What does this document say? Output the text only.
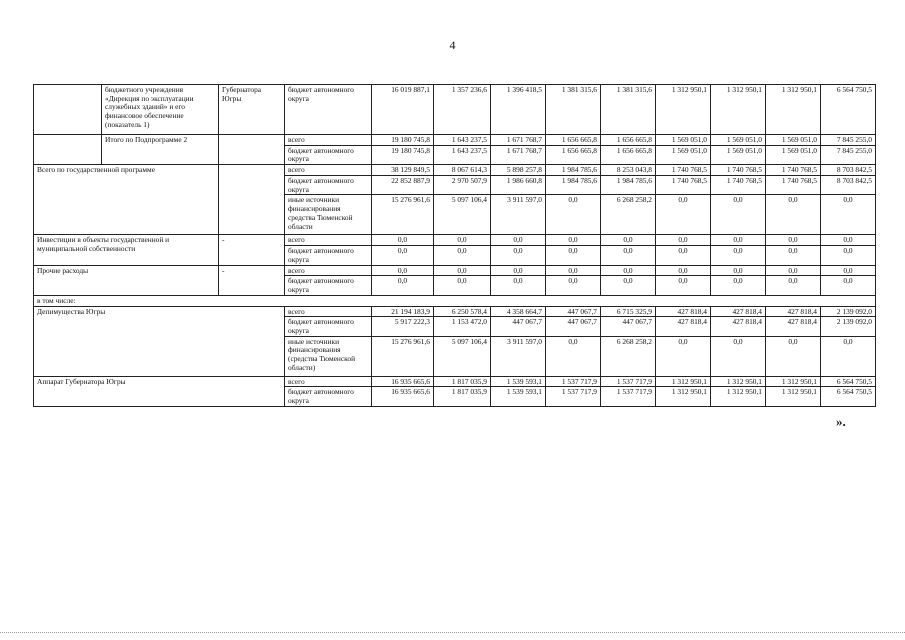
4
	бюджетного учреждения «Дирекция по эксплуатации служебных зданий» и его финансовое обеспечение (показатель 1)	Губернатора Югры	бюджет автономного округа	16 019 887,1	1 357 236,6	1 396 418,5	1 381 315,6	1 381 315,6	1 312 950,1	1 312 950,1	1 312 950,1	6 564 750,5
	Итого по Подпрограмме 2		всего	19 180 745,8	1 643 237,5	1 671 768,7	1 656 665,8	1 656 665,8	1 569 051,0	1 569 051,0	1 569 051,0	7 845 255,0
			бюджет автономного округа	19 180 745,8	1 643 237,5	1 671 768,7	1 656 665,8	1 656 665,8	1 569 051,0	1 569 051,0	1 569 051,0	7 845 255,0
Всего по государственной программе			всего	38 129 849,5	8 067 614,3	5 898 257,8	1 984 785,6	8 253 043,8	1 740 768,5	1 740 768,5	1 740 768,5	8 703 842,5
			бюджет автономного округа	22 852 887,9	2 970 507,9	1 986 660,8	1 984 785,6	1 984 785,6	1 740 768,5	1 740 768,5	1 740 768,5	8 703 842,5
			иные источники финансирования средства Тюменской области	15 276 961,6	5 097 106,4	3 911 597,0	0,0	6 268 258,2	0,0	0,0	0,0	0,0
Инвестиции в объекты государственной и муниципальной собственности		-	всего	0,0	0,0	0,0	0,0	0,0	0,0	0,0	0,0	0,0
			бюджет автономного округа	0,0	0,0	0,0	0,0	0,0	0,0	0,0	0,0	0,0
Прочие расходы		-	всего	0,0	0,0	0,0	0,0	0,0	0,0	0,0	0,0	0,0
			бюджет автономного округа	0,0	0,0	0,0	0,0	0,0	0,0	0,0	0,0	0,0
в том числе:												
Депимущества Югры			всего	21 194 183,9	6 250 578,4	4 358 664,7	447 067,7	6 715 325,9	427 818,4	427 818,4	427 818,4	2 139 092,0
			бюджет автономного округа	5 917 222,3	1 153 472,0	447 067,7	447 067,7	447 067,7	427 818,4	427 818,4	427 818,4	2 139 092,0
			иные источники финансирования (средства Тюменской области)	15 276 961,6	5 097 106,4	3 911 597,0	0,0	6 268 258,2	0,0	0,0	0,0	0,0
Аппарат Губернатора Югры			всего	16 935 665,6	1 817 035,9	1 539 593,1	1 537 717,9	1 537 717,9	1 312 950,1	1 312 950,1	1 312 950,1	6 564 750,5
			бюджет автономного округа	16 935 665,6	1 817 035,9	1 539 593,1	1 537 717,9	1 537 717,9	1 312 950,1	1 312 950,1	1 312 950,1	6 564 750,5
».
